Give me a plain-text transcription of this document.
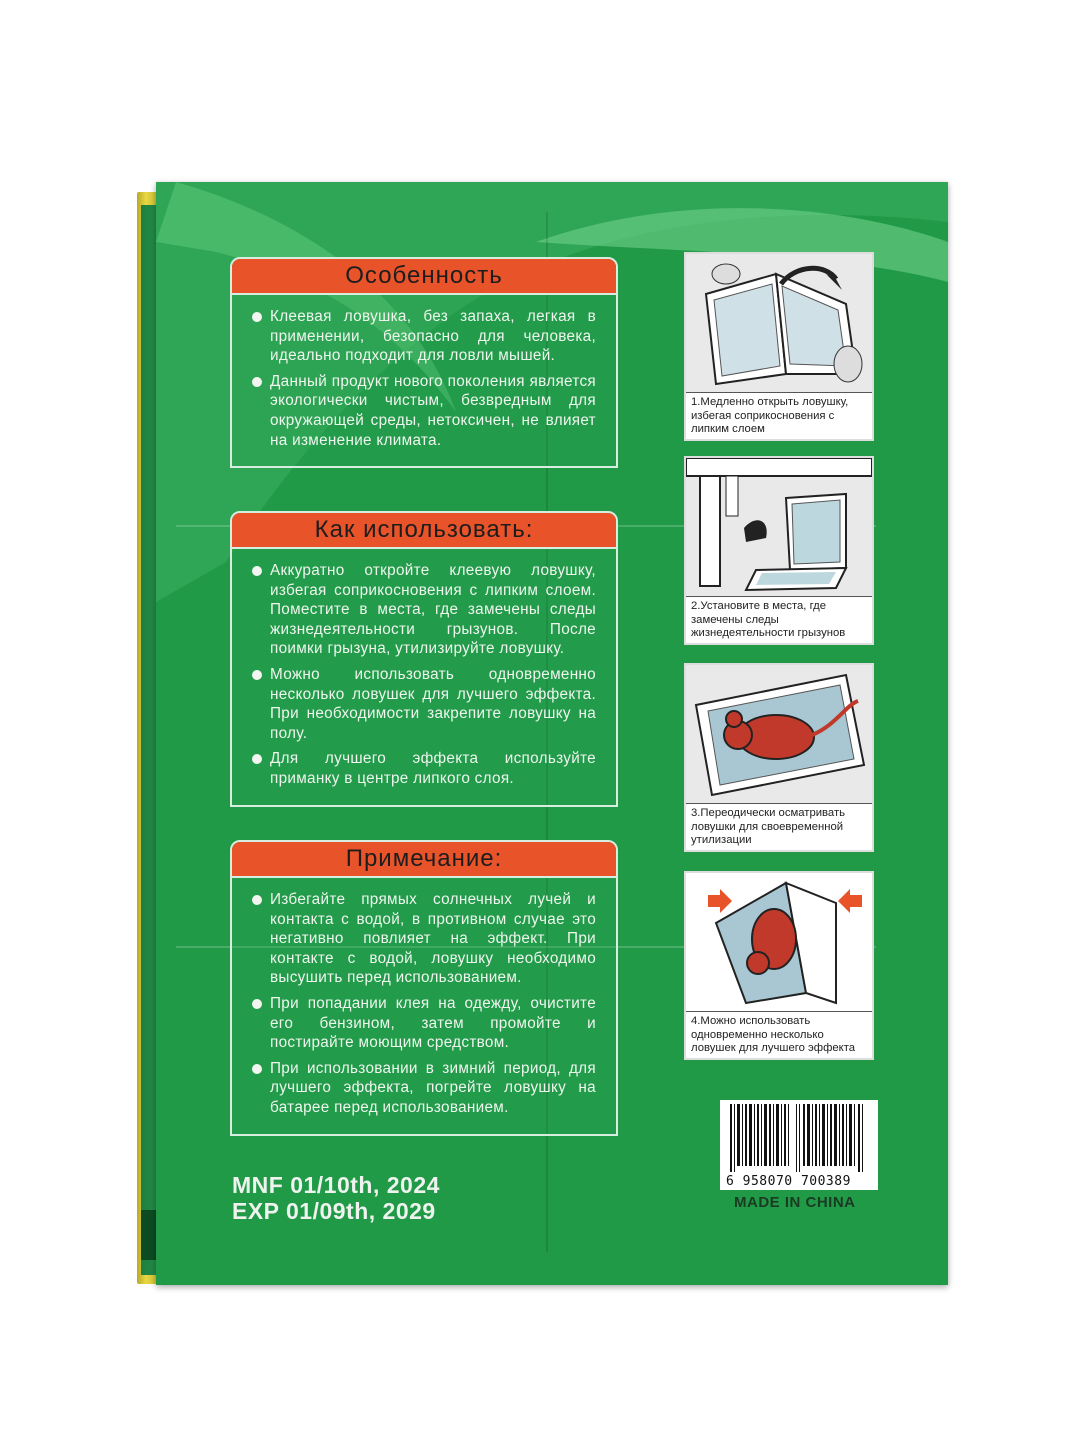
Особенность
Клеевая ловушка, без запаха, легкая в применении, безопасно для человека, идеально подходит для ловли мышей.
Данный продукт нового поколения является экологически чистым, безвредным для окружающей среды, нетоксичен, не влияет на изменение климата.
Как использовать:
Аккуратно откройте клеевую ловушку, избегая соприкосновения с липким слоем. Поместите в места, где замечены следы жизнедеятельности грызунов. После поимки грызуна, утилизируйте ловушку.
Можно использовать одновременно несколько ловушек для лучшего эффекта. При необходимости закрепите ловушку на полу.
Для лучшего эффекта используйте приманку в центре липкого слоя.
Примечание:
Избегайте прямых солнечных лучей и контакта с водой, в противном случае это негативно повлияет на эффект. При контакте с водой, ловушку необходимо высушить перед использованием.
При попадании клея на одежду, очистите его бензином, затем промойте и постирайте моющим средством.
При использовании в зимний период, для лучшего эффекта, погрейте ловушку на батарее перед использованием.
MNF 01/10th, 2024
EXP 01/09th, 2029
1.Медленно открыть ловушку, избегая соприкосновения с липким слоем
2.Установите в места, где замечены следы жизнедеятельности грызунов
3.Переодически осматривать ловушки для своевременной утилизации
4.Можно использовать одновременно несколько ловушек для лучшего эффекта
6 958070 700389
MADE IN CHINA
